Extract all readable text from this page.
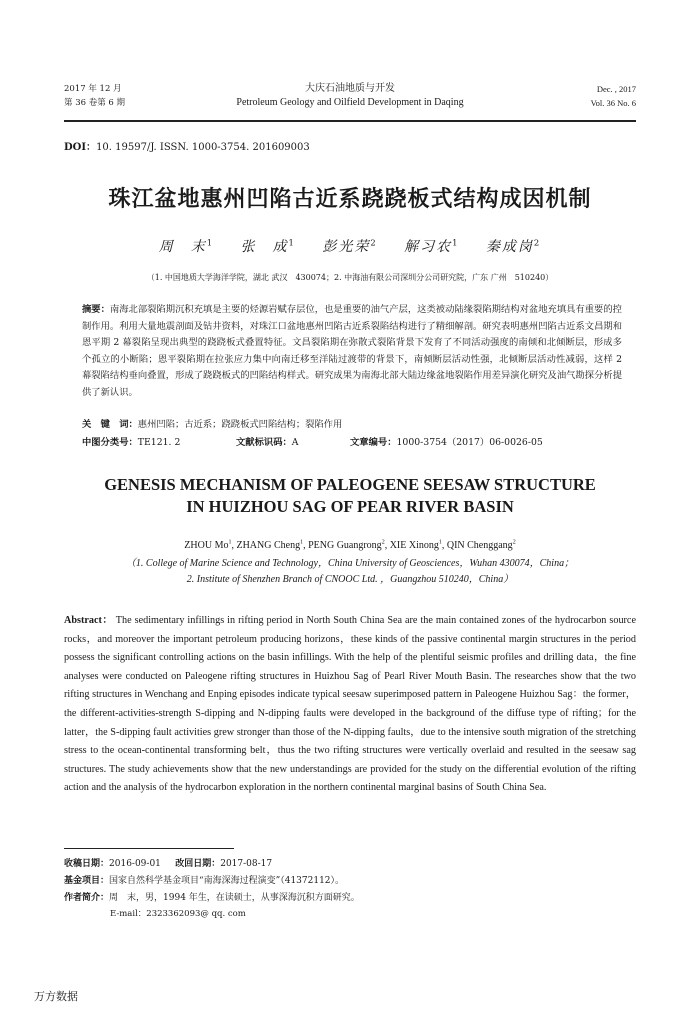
2017 年 12 月
第 36 卷第 6 期
大庆石油地质与开发
Petroleum Geology and Oilfield Development in Daqing
Dec. , 2017
Vol. 36 No. 6
DOI：10. 19597/J. ISSN. 1000-3754. 201609003
珠江盆地惠州凹陷古近系跷跷板式结构成因机制
周　末$^1$ 张　成$^1$ 彭光荣$^2$ 解习农$^1$ 秦成岗$^2$
（1. 中国地质大学海洋学院，湖北 武汉　430074；2. 中海油有限公司深圳分公司研究院，广东 广州　510240）
摘要：南海北部裂陷期沉积充填是主要的烃源岩赋存层位，也是重要的油气产层，这类被动陆缘裂陷期结构对盆地充填具有重要的控制作用。利用大量地震剖面及钻井资料，对珠江口盆地惠州凹陷古近系裂陷结构进行了精细解剖。研究表明惠州凹陷古近系文昌期和恩平期 2 幕裂陷呈现出典型的跷跷板式叠置特征。文昌裂陷期在弥散式裂陷背景下发育了不同活动强度的南倾和北倾断层，形成多个孤立的小断陷；恩平裂陷期在拉张应力集中向南迁移至洋陆过渡带的背景下，南倾断层活动性强，北倾断层活动性减弱，这样 2 幕裂陷结构垂向叠置，形成了跷跷板式的凹陷结构样式。研究成果为南海北部大陆边缘盆地裂陷作用差异演化研究及油气勘探分析提供了新认识。
关　键　词：惠州凹陷；古近系；跷跷板式凹陷结构；裂陷作用
中图分类号：TE121. 2	文献标识码：A	文章编号：1000-3754（2017）06-0026-05
GENESIS MECHANISM OF PALEOGENE SEESAW STRUCTURE
IN HUIZHOU SAG OF PEAR RIVER BASIN
ZHOU Mo$^1$, ZHANG Cheng$^1$, PENG Guangrong$^2$, XIE Xinong$^1$, QIN Chenggang$^2$
（1. College of Marine Science and Technology，China University of Geosciences，Wuhan 430074，China；
2. Institute of Shenzhen Branch of CNOOC Ltd. ，Guangzhou 510240，China）
Abstract： The sedimentary infillings in rifting period in North South China Sea are the main contained zones of the hydrocarbon source rocks，and moreover the important petroleum producing horizons，these kinds of the passive continental margin structures in the period possess the significant controlling actions on the basin infillings. With the help of the plentiful seismic profiles and drilling data，the fine analyses were conducted on Paleogene rifting structures in Huizhou Sag of Pearl River Mouth Basin. The researches show that the two rifting structures in Wenchang and Enping episodes indicate typical seesaw superimposed pattern in Paleogene Huizhou Sag：the former，the different-activities-strength S-dipping and N-dipping faults were developed in the background of the diffuse type of rifting；for the latter，the S-dipping fault activities grew stronger than those of the N-dipping faults，due to the intensive south migration of the stretching stress to the ocean-continental transforming belt，thus the two rifting structures were vertically overlaid and resulted in the seesaw sag structures. The study achievements show that the new understandings are provided for the study on the differential evolution of the rifting action and the analysis of the hydrocarbon exploration in the northern continental marginal basins of South China Sea.
收稿日期：2016-09-01 改回日期：2017-08-17
基金项目：国家自然科学基金项目“南海深海过程演变”（41372112）。
作者简介：周　末，男，1994 年生，在读硕士，从事深海沉积方面研究。
E-mail：2323362093@ qq. com
万方数据
